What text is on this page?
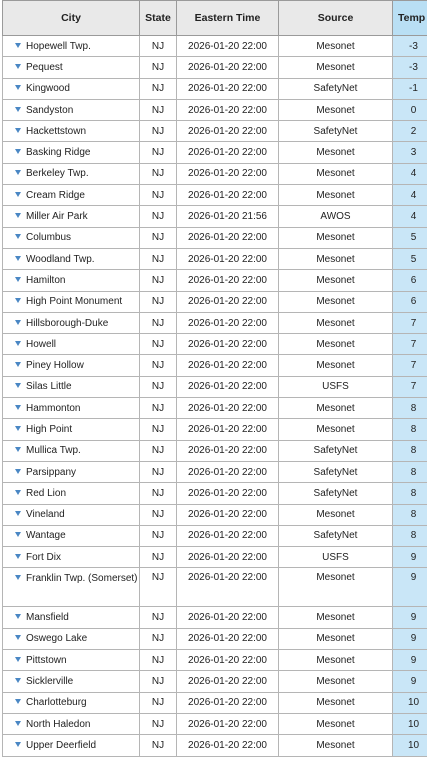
City	State	Eastern Time	Source	Temp
Hopewell Twp.	NJ	2026-01-20 22:00	Mesonet	-3
Pequest	NJ	2026-01-20 22:00	Mesonet	-3
Kingwood	NJ	2026-01-20 22:00	SafetyNet	-1
Sandyston	NJ	2026-01-20 22:00	Mesonet	0
Hackettstown	NJ	2026-01-20 22:00	SafetyNet	2
Basking Ridge	NJ	2026-01-20 22:00	Mesonet	3
Berkeley Twp.	NJ	2026-01-20 22:00	Mesonet	4
Cream Ridge	NJ	2026-01-20 22:00	Mesonet	4
Miller Air Park	NJ	2026-01-20 21:56	AWOS	4
Columbus	NJ	2026-01-20 22:00	Mesonet	5
Woodland Twp.	NJ	2026-01-20 22:00	Mesonet	5
Hamilton	NJ	2026-01-20 22:00	Mesonet	6
High Point Monument	NJ	2026-01-20 22:00	Mesonet	6
Hillsborough-Duke	NJ	2026-01-20 22:00	Mesonet	7
Howell	NJ	2026-01-20 22:00	Mesonet	7
Piney Hollow	NJ	2026-01-20 22:00	Mesonet	7
Silas Little	NJ	2026-01-20 22:00	USFS	7
Hammonton	NJ	2026-01-20 22:00	Mesonet	8
High Point	NJ	2026-01-20 22:00	Mesonet	8
Mullica Twp.	NJ	2026-01-20 22:00	SafetyNet	8
Parsippany	NJ	2026-01-20 22:00	SafetyNet	8
Red Lion	NJ	2026-01-20 22:00	SafetyNet	8
Vineland	NJ	2026-01-20 22:00	Mesonet	8
Wantage	NJ	2026-01-20 22:00	SafetyNet	8
Fort Dix	NJ	2026-01-20 22:00	USFS	9
Franklin Twp. (Somerset)	NJ	2026-01-20 22:00	Mesonet	9
Mansfield	NJ	2026-01-20 22:00	Mesonet	9
Oswego Lake	NJ	2026-01-20 22:00	Mesonet	9
Pittstown	NJ	2026-01-20 22:00	Mesonet	9
Sicklerville	NJ	2026-01-20 22:00	Mesonet	9
Charlotteburg	NJ	2026-01-20 22:00	Mesonet	10
North Haledon	NJ	2026-01-20 22:00	Mesonet	10
Upper Deerfield	NJ	2026-01-20 22:00	Mesonet	10
